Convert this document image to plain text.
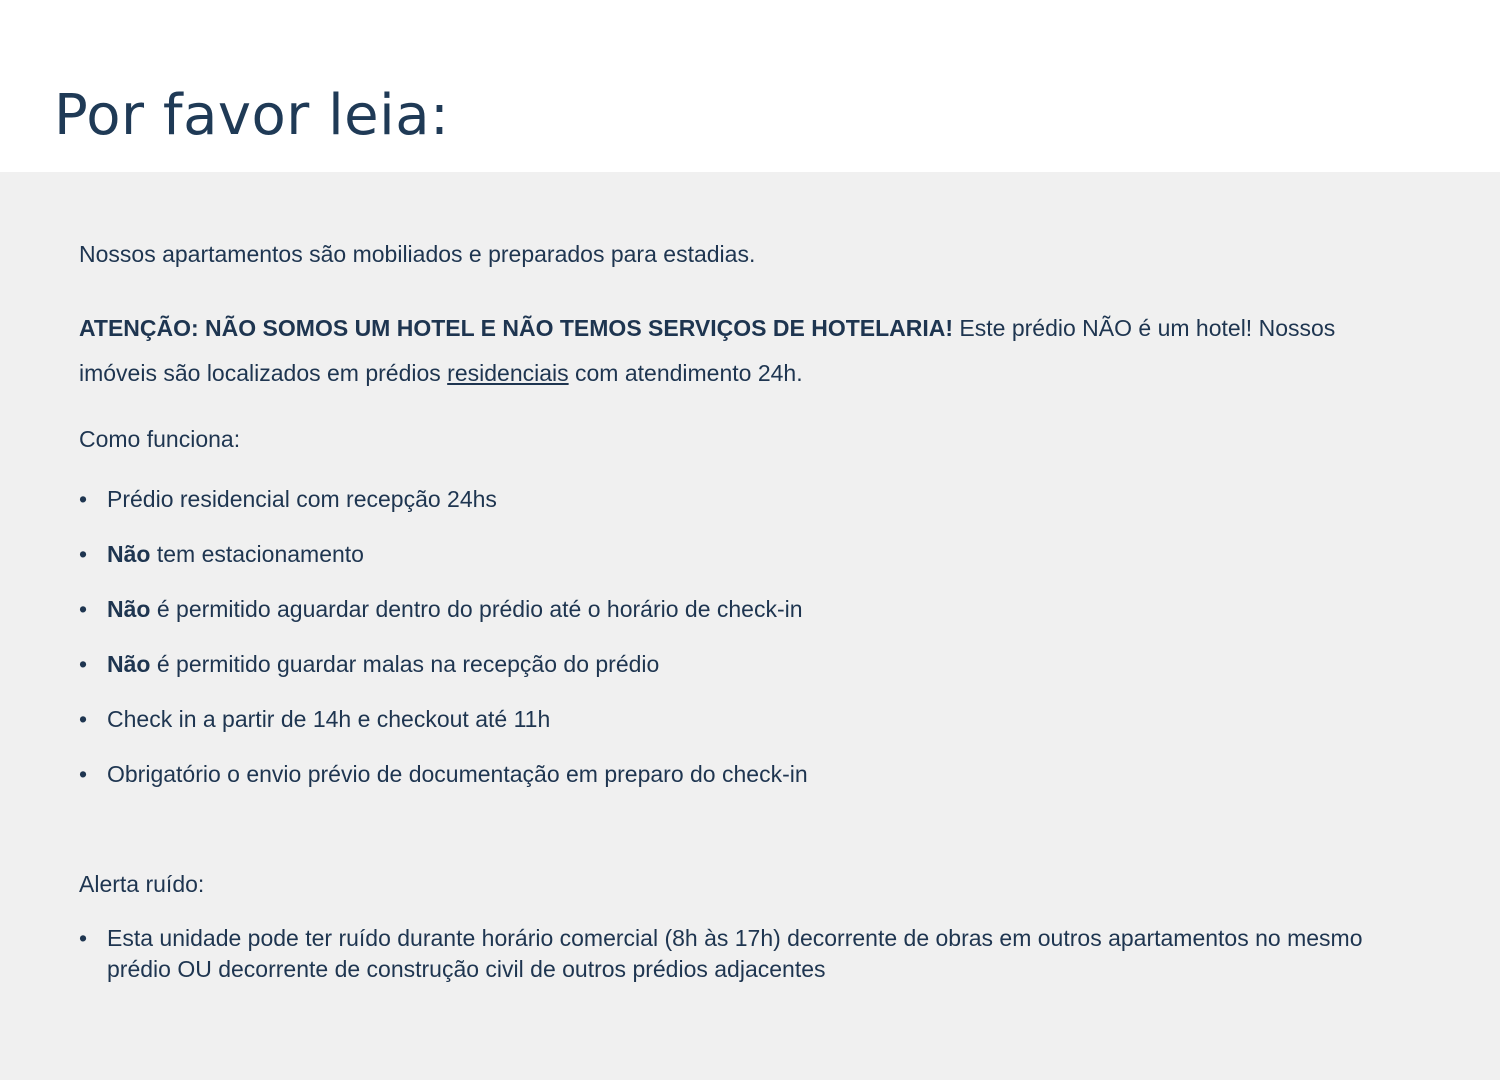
Por favor leia:

Nossos apartamentos são mobiliados e preparados para estadias.

ATENÇÃO: NÃO SOMOS UM HOTEL E NÃO TEMOS SERVIÇOS DE HOTELARIA! Este prédio NÃO é um hotel! Nossos imóveis são localizados em prédios residenciais com atendimento 24h.

Como funciona:

• Prédio residencial com recepção 24hs
• Não tem estacionamento
• Não é permitido aguardar dentro do prédio até o horário de check-in
• Não é permitido guardar malas na recepção do prédio
• Check in a partir de 14h e checkout até 11h
• Obrigatório o envio prévio de documentação em preparo do check-in

Alerta ruído:

• Esta unidade pode ter ruído durante horário comercial (8h às 17h) decorrente de obras em outros apartamentos no mesmo prédio OU decorrente de construção civil de outros prédios adjacentes
